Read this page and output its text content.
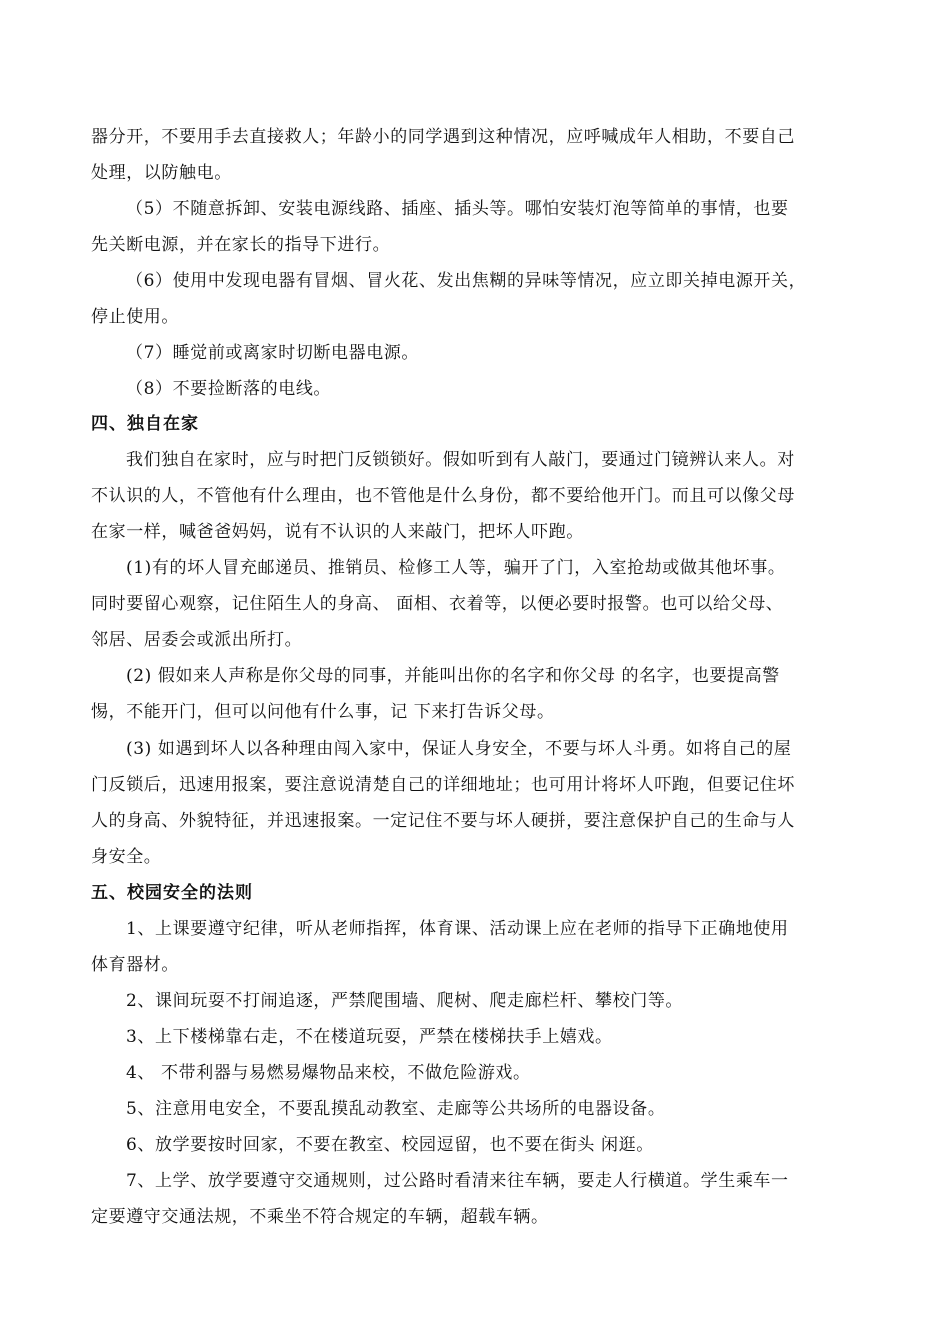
器分开，不要用手去直接救人；年龄小的同学遇到这种情况，应呼喊成年人相助，不要自己
处理，以防触电。
（5）不随意拆卸、安装电源线路、插座、插头等。哪怕安装灯泡等简单的事情，也要
先关断电源，并在家长的指导下进行。
（6）使用中发现电器有冒烟、冒火花、发出焦糊的异味等情况，应立即关掉电源开关，
停止使用。
（7）睡觉前或离家时切断电器电源。
（8）不要捡断落的电线。
四、独自在家
我们独自在家时，应与时把门反锁锁好。假如听到有人敲门，要通过门镜辨认来人。对
不认识的人，不管他有什么理由，也不管他是什么身份，都不要给他开门。而且可以像父母
在家一样，喊爸爸妈妈，说有不认识的人来敲门，把坏人吓跑。
(1)有的坏人冒充邮递员、推销员、检修工人等，骗开了门，入室抢劫或做其他坏事。
同时要留心观察，记住陌生人的身高、 面相、衣着等，以便必要时报警。也可以给父母、
邻居、居委会或派出所打。
(2) 假如来人声称是你父母的同事，并能叫出你的名字和你父母 的名字，也要提高警
惕，不能开门，但可以问他有什么事，记 下来打告诉父母。
(3) 如遇到坏人以各种理由闯入家中，保证人身安全，不要与坏人斗勇。如将自己的屋
门反锁后，迅速用报案，要注意说清楚自己的详细地址；也可用计将坏人吓跑，但要记住坏
人的身高、外貌特征，并迅速报案。一定记住不要与坏人硬拼，要注意保护自己的生命与人
身安全。
五、校园安全的法则
1、上课要遵守纪律，听从老师指挥，体育课、活动课上应在老师的指导下正确地使用
体育器材。
2、课间玩耍不打闹追逐，严禁爬围墙、爬树、爬走廊栏杆、攀校门等。
3、上下楼梯靠右走，不在楼道玩耍，严禁在楼梯扶手上嬉戏。
4、 不带利器与易燃易爆物品来校，不做危险游戏。
5、注意用电安全，不要乱摸乱动教室、走廊等公共场所的电器设备。
6、放学要按时回家，不要在教室、校园逗留，也不要在街头 闲逛。
7、上学、放学要遵守交通规则，过公路时看清来往车辆，要走人行横道。学生乘车一
定要遵守交通法规，不乘坐不符合规定的车辆，超载车辆。
